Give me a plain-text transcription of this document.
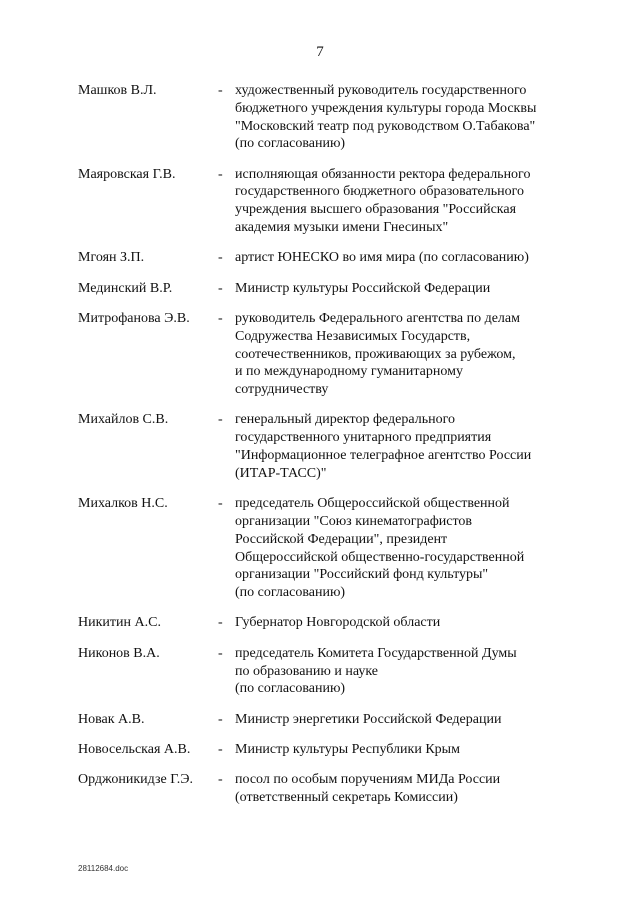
7
Машков В.Л.	- художественный руководитель государственного
бюджетного учреждения культуры города Москвы
"Московский театр под руководством О.Табакова"
(по согласованию)
Маяровская Г.В.	- исполняющая обязанности ректора федерального
государственного бюджетного образовательного
учреждения высшего образования "Российская
академия музыки имени Гнесиных"
Мгоян З.П.	- артист ЮНЕСКО во имя мира (по согласованию)
Мединский В.Р.	- Министр культуры Российской Федерации
Митрофанова Э.В.	- руководитель Федерального агентства по делам
Содружества Независимых Государств,
соотечественников, проживающих за рубежом,
и по международному гуманитарному
сотрудничеству
Михайлов С.В.	- генеральный директор федерального
государственного унитарного предприятия
"Информационное телеграфное агентство России
(ИТАР-ТАСС)"
Михалков Н.С.	- председатель Общероссийской общественной
организации "Союз кинематографистов
Российской Федерации", президент
Общероссийской общественно-государственной
организации "Российский фонд культуры"
(по согласованию)
Никитин А.С.	- Губернатор Новгородской области
Никонов В.А.	- председатель Комитета Государственной Думы
по образованию и науке
(по согласованию)
Новак А.В.	- Министр энергетики Российской Федерации
Новосельская А.В.	- Министр культуры Республики Крым
Орджоникидзе Г.Э.	- посол по особым поручениям МИДа России
(ответственный секретарь Комиссии)
28112684.doc
